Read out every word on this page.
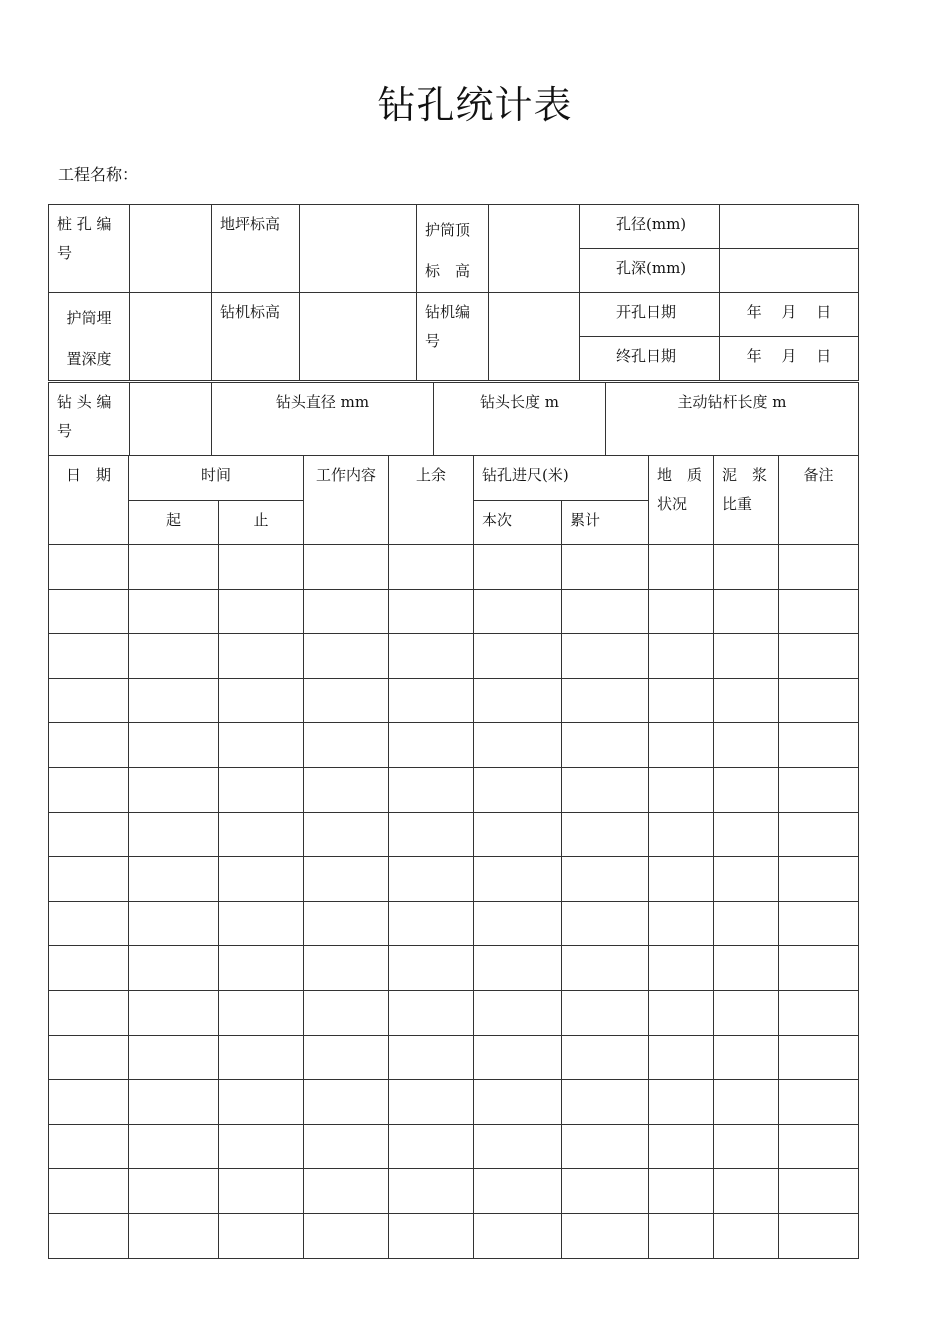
钻孔统计表
工程名称：
桩 孔 编 号		地坪标高		护筒顶 标　高		孔径(mm)	
						孔深(mm)	
护筒埋 置深度		钻机标高		钻机编 号		开孔日期	年　 月　 日
						终孔日期	年　 月　 日
钻 头 编 号		钻头直径 mm	钻头长度 m	主动钻杆长度 m
日　期	时间		工作内容	上余	钻孔进尺(米)		地　质 状况	泥　浆 比重	备注
	起	止			本次	累计			
